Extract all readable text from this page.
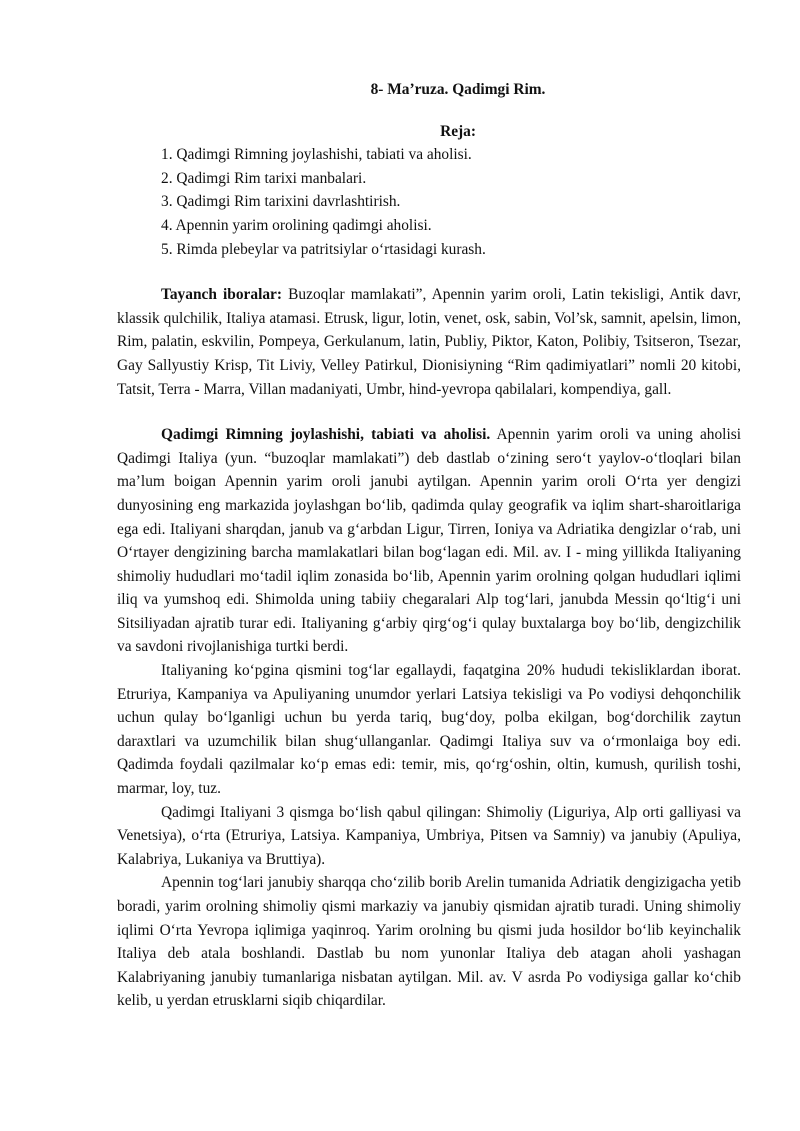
8- Ma’ruza. Qadimgi Rim.

Reja:

1. Qadimgi Rimning joylashishi, tabiati va aholisi.
2. Qadimgi Rim tarixi manbalari.
3. Qadimgi Rim tarixini davrlashtirish.
4. Apennin yarim orolining qadimgi aholisi.
5. Rimda plebeylar va patritsiylar o‘rtasidagi kurash.

Tayanch iboralar: Buzoqlar mamlakati”, Apennin yarim oroli, Latin tekisligi, Antik davr, klassik qulchilik, Italiya atamasi. Etrusk, ligur, lotin, venet, osk, sabin, Vol’sk, samnit, apelsin, limon, Rim, palatin, eskvilin, Pompeya, Gerkulanum, latin, Publiy, Piktor, Katon, Polibiy, Tsitseron, Tsezar, Gay Sallyustiy Krisp, Tit Liviy, Velley Patirkul, Dionisiyning “Rim qadimiyatlari” nomli 20 kitobi, Tatsit, Terra - Marra, Villan madaniyati, Umbr, hind-yevropa qabilalari, kompendiya, gall.

Qadimgi Rimning joylashishi, tabiati va aholisi. Apennin yarim oroli va uning aholisi Qadimgi Italiya (yun. “buzoqlar mamlakati”) deb dastlab o‘zining sero‘t yaylov-o‘tloqlari bilan ma’lum boigan Apennin yarim oroli janubi aytilgan. Apennin yarim oroli O‘rta yer dengizi dunyosining eng markazida joylashgan bo‘lib, qadimda qulay geografik va iqlim shart-sharoitlariga ega edi. Italiyani sharqdan, janub va g‘arbdan Ligur, Tirren, Ioniya va Adriatika dengizlar o‘rab, uni O‘rtayer dengizining barcha mamlakatlari bilan bog‘lagan edi. Mil. av. I - ming yillikda Italiyaning shimoliy hududlari mo‘tadil iqlim zonasida bo‘lib, Apennin yarim orolning qolgan hududlari iqlimi iliq va yumshoq edi. Shimolda uning tabiiy chegaralari Alp tog‘lari, janubda Messin qo‘ltig‘i uni Sitsiliyadan ajratib turar edi. Italiyaning g‘arbiy qirg‘og‘i qulay buxtalarga boy bo‘lib, dengizchilik va savdoni rivojlanishiga turtki berdi.

Italiyaning ko‘pgina qismini tog‘lar egallaydi, faqatgina 20% hududi tekisliklardan iborat. Etruriya, Kampaniya va Apuliyaning unumdor yerlari Latsiya tekisligi va Po vodiysi dehqonchilik uchun qulay bo‘lganligi uchun bu yerda tariq, bug‘doy, polba ekilgan, bog‘dorchilik zaytun daraxtlari va uzumchilik bilan shug‘ullanganlar. Qadimgi Italiya suv va o‘rmonlaiga boy edi. Qadimda foydali qazilmalar ko‘p emas edi: temir, mis, qo‘rg‘oshin, oltin, kumush, qurilish toshi, marmar, loy, tuz.

Qadimgi Italiyani 3 qismga bo‘lish qabul qilingan: Shimoliy (Liguriya, Alp orti galliyasi va Venetsiya), o‘rta (Etruriya, Latsiya. Kampaniya, Umbriya, Pitsen va Samniy) va janubiy (Apuliya, Kalabriya, Lukaniya va Bruttiya).

Apennin tog‘lari janubiy sharqqa cho‘zilib borib Arelin tumanida Adriatik dengizigacha yetib boradi, yarim orolning shimoliy qismi markaziy va janubiy qismidan ajratib turadi. Uning shimoliy iqlimi O‘rta Yevropa iqlimiga yaqinroq. Yarim orolning bu qismi juda hosildor bo‘lib keyinchalik Italiya deb atala boshlandi. Dastlab bu nom yunonlar Italiya deb atagan aholi yashagan Kalabriyaning janubiy tumanlariga nisbatan aytilgan. Mil. av. V asrda Po vodiysiga gallar ko‘chib kelib, u yerdan etrusklarni siqib chiqardilar.
